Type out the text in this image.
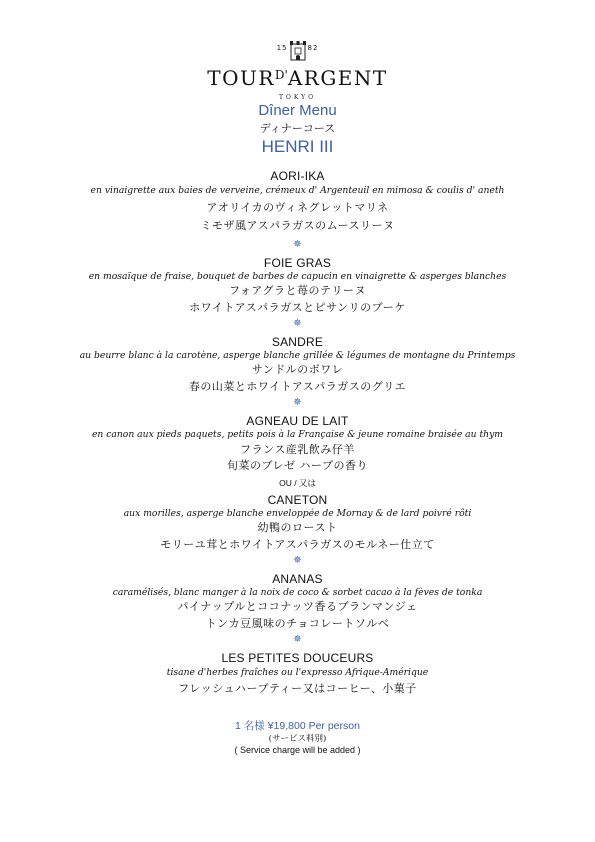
15	82
$TOUR^{D'}ARGENT$
TOKYO
Dîner Menu
ディナーコース
HENRI III
AORI-IKA
en vinaigrette aux baies de verveine, crémeux d' Argenteuil en mimosa & coulis d' aneth
アオリイカのヴィネグレットマリネ
ミモザ風アスパラガスのムースリーヌ
✵
FOIE GRAS
en mosaïque de fraise, bouquet de barbes de capucin en vinaigrette & asperges blanches
フォアグラと苺のテリーヌ
ホワイトアスパラガスとピサンリのブーケ
✵
SANDRE
au beurre blanc à la carotène, asperge blanche grillée & légumes de montagne du Printemps
サンドルのボワレ
春の山菜とホワイトアスパラガスのグリエ
✵
AGNEAU DE LAIT
en canon aux pieds paquets, petits pois à la Française & jeune romaine braisée au thym
フランス産乳飲み仔羊
旬菜のブレゼ ハーブの香り
OU / 又は
CANETON
aux morilles, asperge blanche enveloppée de Mornay & de lard poivré rôti
幼鴨のロースト
モリーユ茸とホワイトアスパラガスのモルネー仕立て
✵
ANANAS
caramélisés, blanc manger à la noix de coco & sorbet cacao à la fèves de tonka
パイナップルとココナッツ香るブランマンジェ
トンカ豆風味のチョコレートソルベ
✵
LES PETITES DOUCEURS
tisane d'herbes fraîches ou l'expresso Afrique-Amérique
フレッシュハーブティー又はコーヒー、小菓子
1 名様 ¥19,800 Per person
(サービス料別)
( Service charge will be added )
